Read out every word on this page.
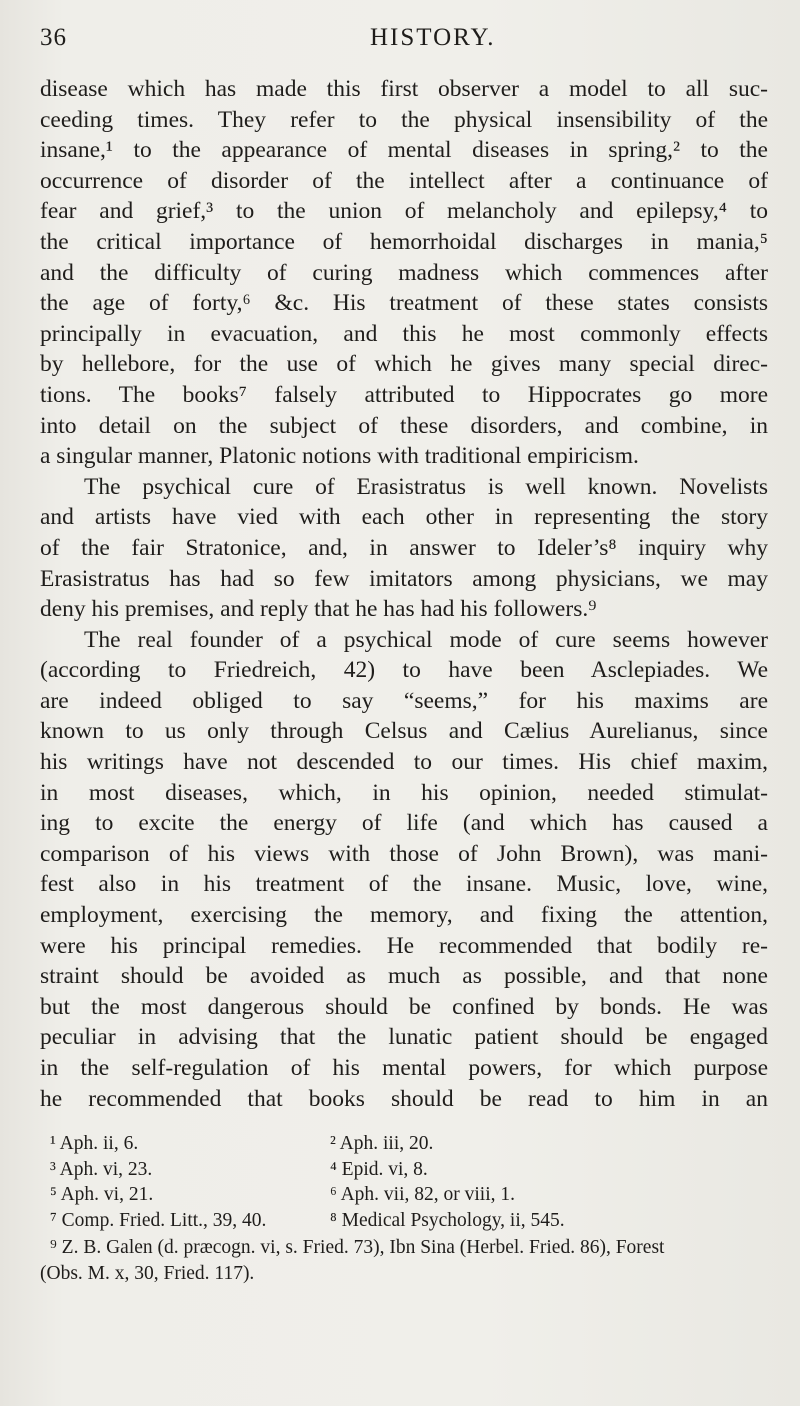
36	HISTORY.
disease which has made this first observer a model to all suc-
ceeding times. They refer to the physical insensibility of the
insane,¹ to the appearance of mental diseases in spring,² to the
occurrence of disorder of the intellect after a continuance of
fear and grief,³ to the union of melancholy and epilepsy,⁴ to
the critical importance of hemorrhoidal discharges in mania,⁵
and the difficulty of curing madness which commences after
the age of forty,⁶ &c. His treatment of these states consists
principally in evacuation, and this he most commonly effects
by hellebore, for the use of which he gives many special direc-
tions. The books⁷ falsely attributed to Hippocrates go more
into detail on the subject of these disorders, and combine, in
a singular manner, Platonic notions with traditional empiricism.
The psychical cure of Erasistratus is well known. Novelists
and artists have vied with each other in representing the story
of the fair Stratonice, and, in answer to Ideler’s⁸ inquiry why
Erasistratus has had so few imitators among physicians, we may
deny his premises, and reply that he has had his followers.⁹
The real founder of a psychical mode of cure seems however
(according to Friedreich, 42) to have been Asclepiades. We
are indeed obliged to say “seems,” for his maxims are
known to us only through Celsus and Cælius Aurelianus, since
his writings have not descended to our times. His chief maxim,
in most diseases, which, in his opinion, needed stimulat-
ing to excite the energy of life (and which has caused a
comparison of his views with those of John Brown), was mani-
fest also in his treatment of the insane. Music, love, wine,
employment, exercising the memory, and fixing the attention,
were his principal remedies. He recommended that bodily re-
straint should be avoided as much as possible, and that none
but the most dangerous should be confined by bonds. He was
peculiar in advising that the lunatic patient should be engaged
in the self-regulation of his mental powers, for which purpose
he recommended that books should be read to him in an
¹ Aph. ii, 6.	² Aph. iii, 20.
³ Aph. vi, 23.	⁴ Epid. vi, 8.
⁵ Aph. vi, 21.	⁶ Aph. vii, 82, or viii, 1.
⁷ Comp. Fried. Litt., 39, 40.	⁸ Medical Psychology, ii, 545.
⁹ Z. B. Galen (d. præcogn. vi, s. Fried. 73), Ibn Sina (Herbel. Fried. 86), Forest
(Obs. M. x, 30, Fried. 117).
